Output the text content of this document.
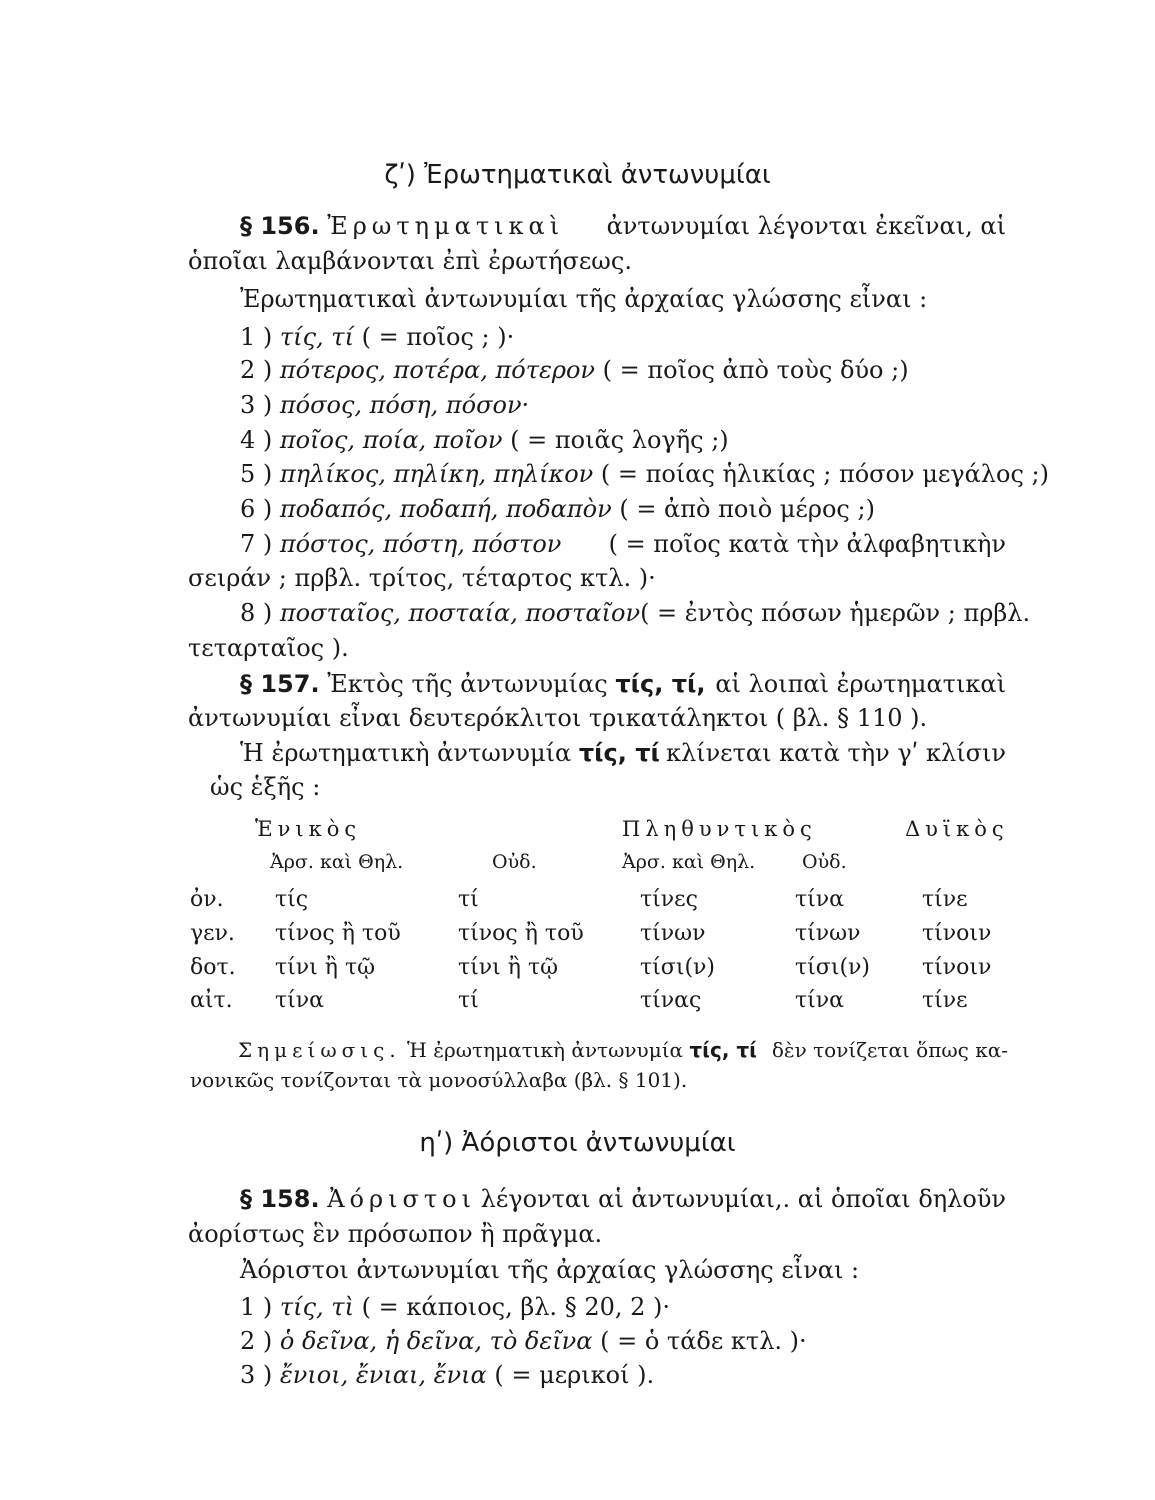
ζʹ) Ἐρωτηματικαὶ ἀντωνυμίαι
§ 156. Ἐρωτηματικαὶ ἀντωνυμίαι λέγονται ἐκεῖναι, αἱ
ὁποῖαι λαμβάνονται ἐπὶ ἐρωτήσεως.
Ἐρωτηματικαὶ ἀντωνυμίαι τῆς ἀρχαίας γλώσσης εἶναι :
1 ) τίς, τί ( = ποῖος ; )·
2 ) πότερος, ποτέρα, πότερον ( = ποῖος ἀπὸ τοὺς δύο ;)
3 ) πόσος, πόση, πόσον·
4 ) ποῖος, ποία, ποῖον ( = ποιᾶς λογῆς ;)
5 ) πηλίκος, πηλίκη, πηλίκον ( = ποίας ἡλικίας ; πόσον μεγάλος ;)
6 ) ποδαπός, ποδαπή, ποδαπὸν ( = ἀπὸ ποιὸ μέρος ;)
7 ) πόστος, πόστη, πόστον ( = ποῖος κατὰ τὴν ἀλφαβητικὴν
σειράν ; πρβλ. τρίτος, τέταρτος κτλ. )·
8 ) ποσταῖος, ποσταία, ποσταῖον ( = ἐντὸς πόσων ἡμερῶν ; πρβλ.
τεταρταῖος ).
§ 157. Ἐκτὸς τῆς ἀντωνυμίας τίς, τί, αἱ λοιπαὶ ἐρωτηματικαὶ
ἀντωνυμίαι εἶναι δευτερόκλιτοι τρικατάληκτοι ( βλ. § 110 ).
Ἡ ἐρωτηματικὴ ἀντωνυμία τίς, τί κλίνεται κατὰ τὴν γʹ κλίσιν
ὡς ἑξῆς :
Ἑνικὸς	Πληθυντικὸς	Δυϊκὸς
Ἀρσ. καὶ Θηλ.	Οὐδ.	Ἀρσ. καὶ Θηλ. Οὐδ.
ὀν. τίς	τί	τίνες	τίνα	τίνε
γεν. τίνος ἢ τοῦ	τίνος ἢ τοῦ	τίνων	τίνων	τίνοιν
δοτ. τίνι ἢ τῷ	τίνι ἢ τῷ	τίσι(ν)	τίσι(ν) τίνοιν
αἰτ. τίνα	τί	τίνας	τίνα	τίνε
Σημείωσις. Ἡ ἐρωτηματικὴ ἀντωνυμία τίς, τί δὲν τονίζεται ὅπως κα-
νονικῶς τονίζονται τὰ μονοσύλλαβα (βλ. § 101).
ηʹ) Ἀόριστοι ἀντωνυμίαι
§ 158. Ἀόριστοι λέγονται αἱ ἀντωνυμίαι,. αἱ ὁποῖαι δηλοῦν
ἀορίστως ἓν πρόσωπον ἢ πρᾶγμα.
Ἀόριστοι ἀντωνυμίαι τῆς ἀρχαίας γλώσσης εἶναι :
1 ) τίς, τὶ ( = κάποιος, βλ. § 20, 2 )·
2 ) ὁ δεῖνα, ἡ δεῖνα, τὸ δεῖνα ( = ὁ τάδε κτλ. )·
3 ) ἔνιοι, ἔνιαι, ἔνια ( = μερικοί ).
